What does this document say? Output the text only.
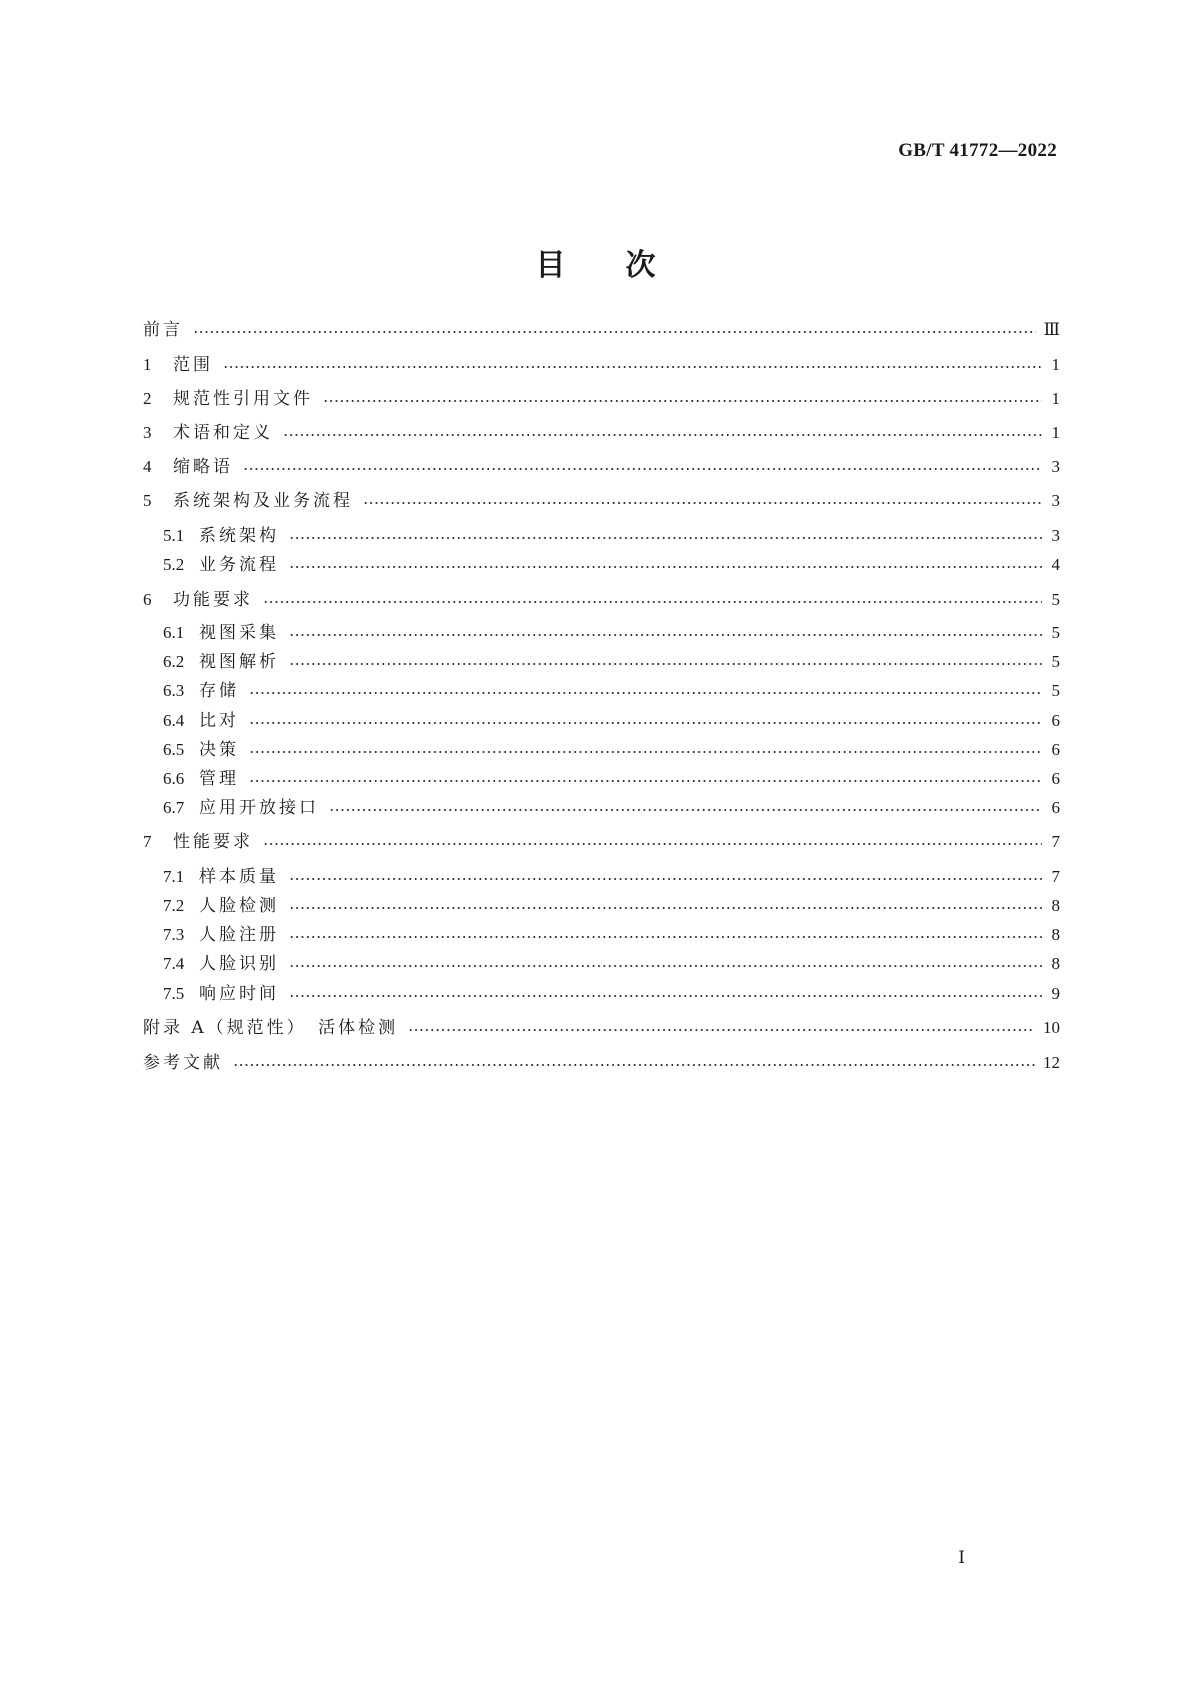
GB/T 41772—2022
目次
前言	Ⅲ
1	范围	1
2	规范性引用文件	1
3	术语和定义	1
4	缩略语	3
5	系统架构及业务流程	3
5.1 系统架构	3
5.2 业务流程	4
6	功能要求	5
6.1 视图采集	5
6.2 视图解析	5
6.3 存储	5
6.4 比对	6
6.5 决策	6
6.6 管理	6
6.7 应用开放接口	6
7	性能要求	7
7.1 样本质量	7
7.2 人脸检测	8
7.3 人脸注册	8
7.4 人脸识别	8
7.5 响应时间	9
附录 A（规范性）　活体检测	10
参考文献	12
Ⅰ
